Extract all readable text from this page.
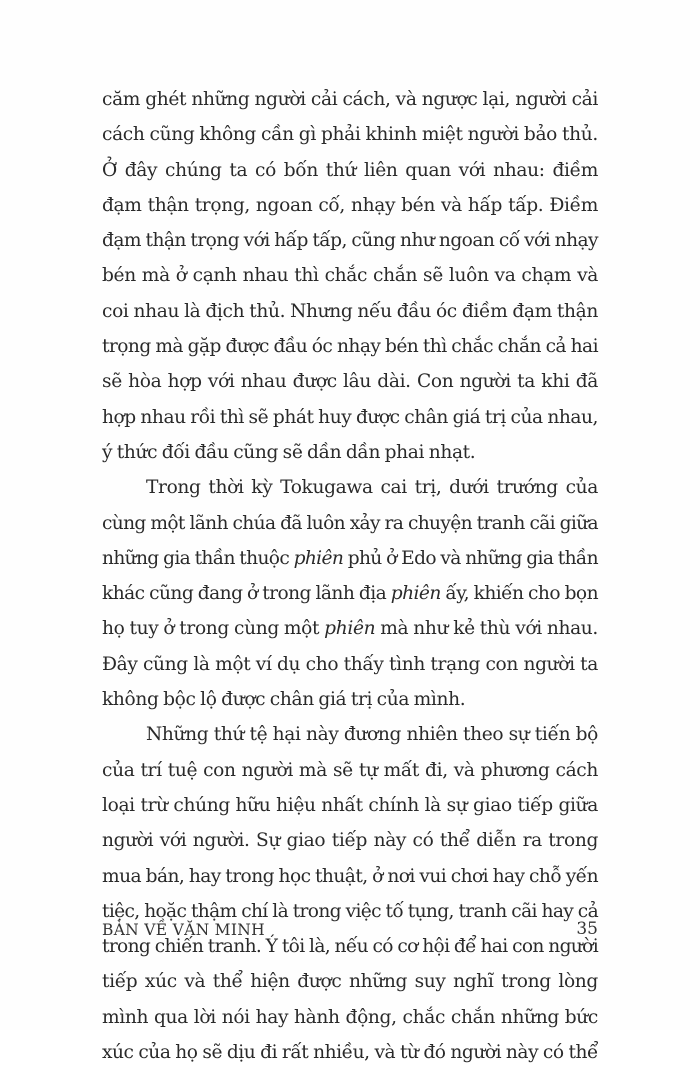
căm ghét những người cải cách, và ngược lại, người cải
cách cũng không cần gì phải khinh miệt người bảo thủ.
Ở đây chúng ta có bốn thứ liên quan với nhau: điềm
đạm thận trọng, ngoan cố, nhạy bén và hấp tấp. Điềm
đạm thận trọng với hấp tấp, cũng như ngoan cố với nhạy
bén mà ở cạnh nhau thì chắc chắn sẽ luôn va chạm và
coi nhau là địch thủ. Nhưng nếu đầu óc điềm đạm thận
trọng mà gặp được đầu óc nhạy bén thì chắc chắn cả hai
sẽ hòa hợp với nhau được lâu dài. Con người ta khi đã
hợp nhau rồi thì sẽ phát huy được chân giá trị của nhau,
ý thức đối đầu cũng sẽ dần dần phai nhạt.
Trong thời kỳ Tokugawa cai trị, dưới trướng của
cùng một lãnh chúa đã luôn xảy ra chuyện tranh cãi giữa
những gia thần thuộc phiên phủ ở Edo và những gia thần
khác cũng đang ở trong lãnh địa phiên ấy, khiến cho bọn
họ tuy ở trong cùng một phiên mà như kẻ thù với nhau.
Đây cũng là một ví dụ cho thấy tình trạng con người ta
không bộc lộ được chân giá trị của mình.
Những thứ tệ hại này đương nhiên theo sự tiến bộ
của trí tuệ con người mà sẽ tự mất đi, và phương cách
loại trừ chúng hữu hiệu nhất chính là sự giao tiếp giữa
người với người. Sự giao tiếp này có thể diễn ra trong
mua bán, hay trong học thuật, ở nơi vui chơi hay chỗ yến
tiệc, hoặc thậm chí là trong việc tố tụng, tranh cãi hay cả
trong chiến tranh. Ý tôi là, nếu có cơ hội để hai con người
tiếp xúc và thể hiện được những suy nghĩ trong lòng
mình qua lời nói hay hành động, chắc chắn những bức
xúc của họ sẽ dịu đi rất nhiều, và từ đó người này có thể
BÀN VỀ VĂN MINH	35
